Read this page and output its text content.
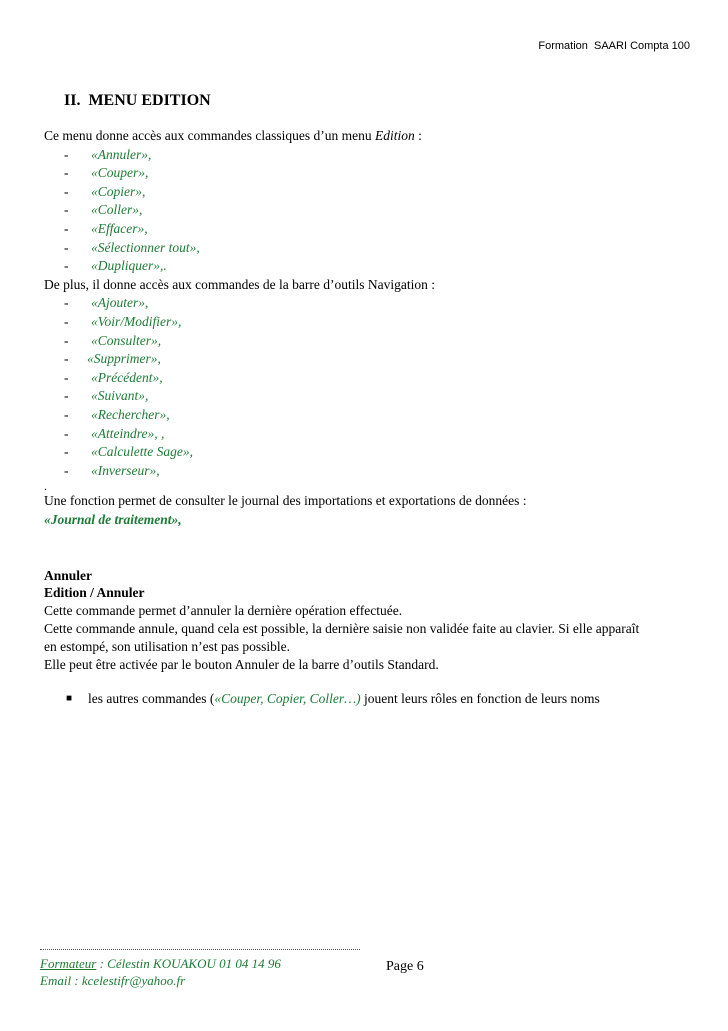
Formation  SAARI Compta 100
II.  MENU EDITION
Ce menu donne accès aux commandes classiques d’un menu Edition :
- «Annuler»,
- «Couper»,
- «Copier»,
- «Coller»,
- «Effacer»,
- «Sélectionner tout»,
- «Dupliquer»,.
De plus, il donne accès aux commandes de la barre d’outils Navigation :
- «Ajouter»,
- «Voir/Modifier»,
- «Consulter»,
- «Supprimer»,
- «Précédent»,
- «Suivant»,
- «Rechercher»,
- «Atteindre», ,
- «Calculette Sage»,
- «Inverseur»,
.
Une fonction permet de consulter le journal des importations et exportations de données :
«Journal de traitement»,
Annuler
Edition / Annuler
Cette commande permet d’annuler la dernière opération effectuée.
Cette commande annule, quand cela est possible, la dernière saisie non validée faite au clavier. Si elle apparaît
en estompé, son utilisation n’est pas possible.
Elle peut être activée par le bouton Annuler de la barre d’outils Standard.
■ les autres commandes («Couper, Copier, Coller…) jouent leurs rôles en fonction de leurs noms
Formateur : Célestin KOUAKOU 01 04 14 96
Email : kcelestifr@yahoo.fr
Page 6
